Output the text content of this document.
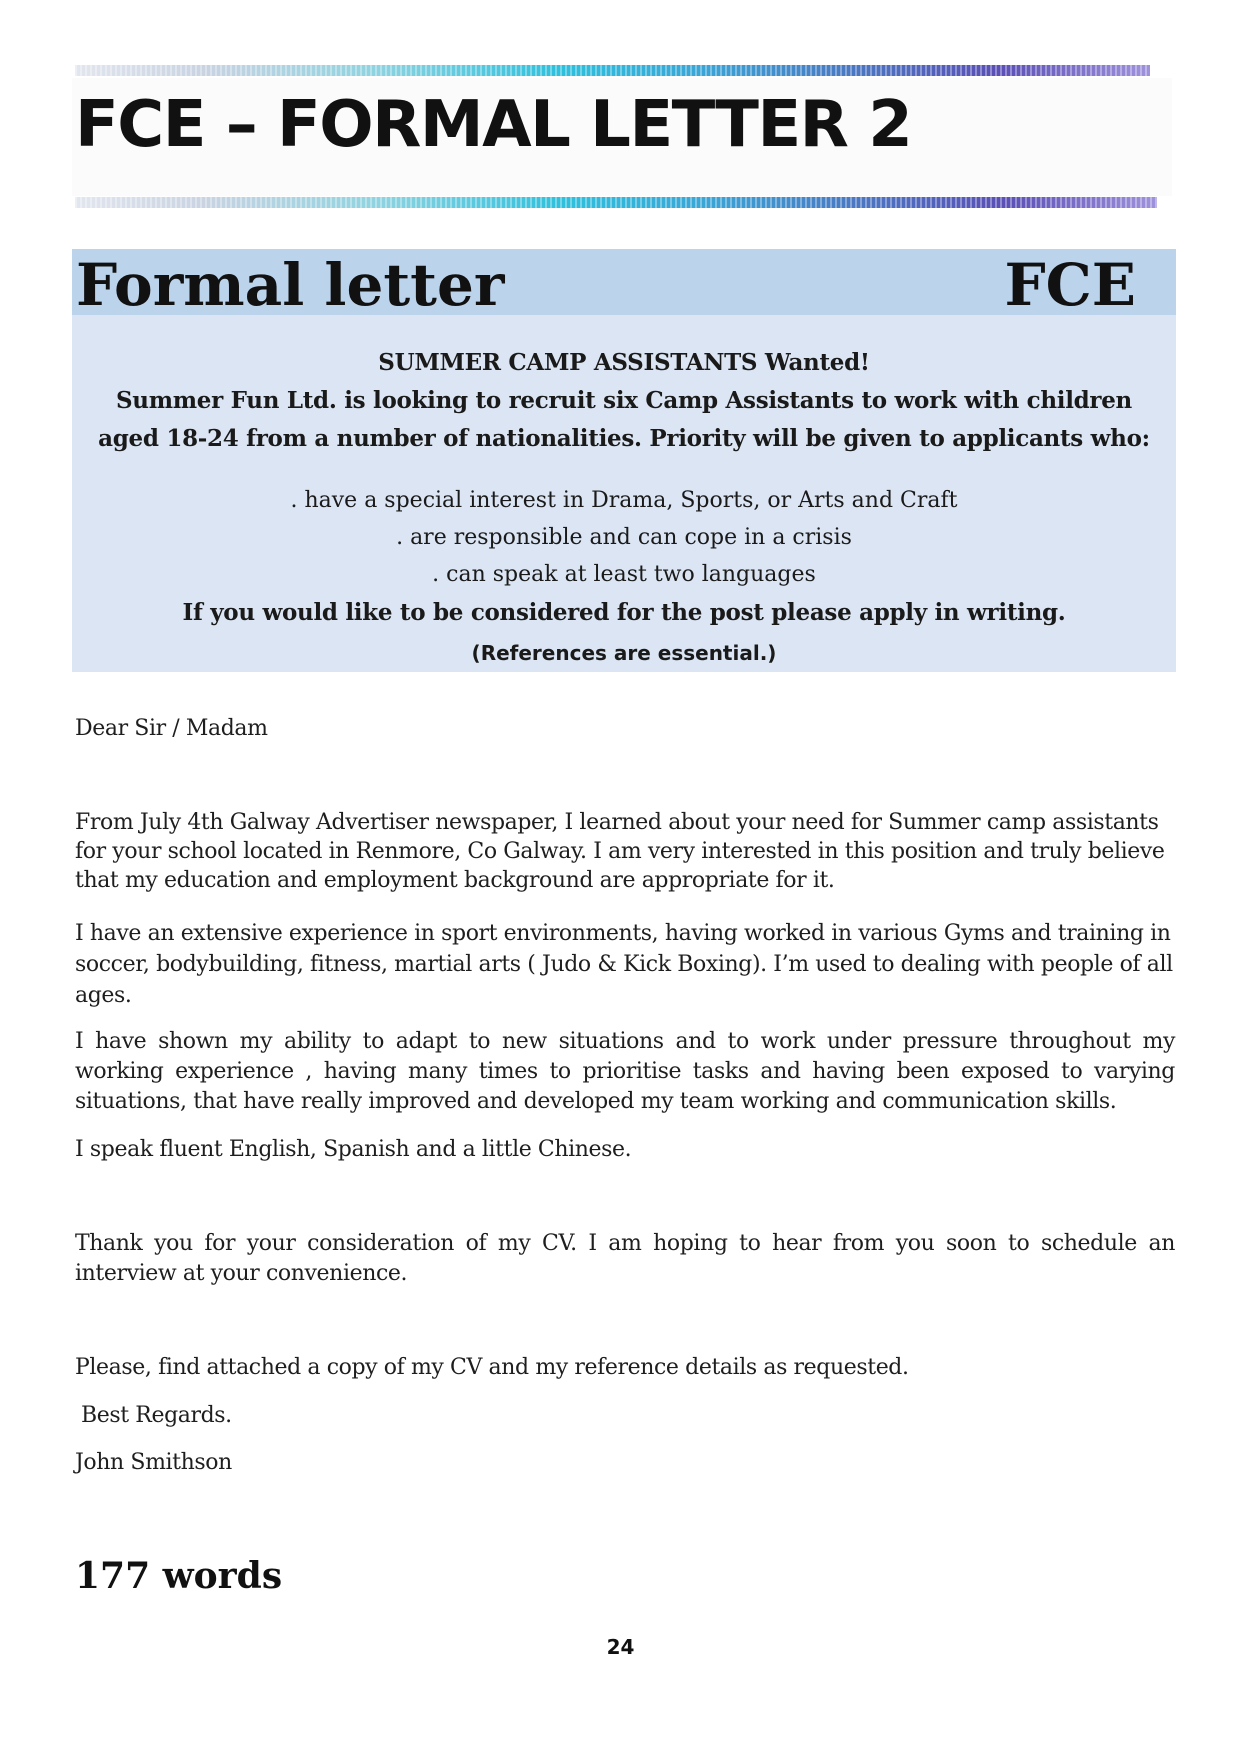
FCE – FORMAL LETTER 2
Formal letter	FCE
SUMMER CAMP ASSISTANTS Wanted!
Summer Fun Ltd. is looking to recruit six Camp Assistants to work with children
aged 18-24 from a number of nationalities. Priority will be given to applicants who:
. have a special interest in Drama, Sports, or Arts and Craft
. are responsible and can cope in a crisis
. can speak at least two languages
If you would like to be considered for the post please apply in writing.
(References are essential.)

Dear Sir / Madam

From July 4th Galway Advertiser newspaper, I learned about your need for Summer camp assistants for your school located in Renmore, Co Galway. I am very interested in this position and truly believe that my education and employment background are appropriate for it.

I have an extensive experience in sport environments, having worked in various Gyms and training in soccer, bodybuilding, fitness, martial arts ( Judo & Kick Boxing). I’m used to dealing with people of all ages.

I have shown my ability to adapt to new situations and to work under pressure throughout my working experience , having many times to prioritise tasks and having been exposed to varying situations, that have really improved and developed my team working and communication skills.

I speak fluent English, Spanish and a little Chinese.

Thank you for your consideration of my CV. I am hoping to hear from you soon to schedule an interview at your convenience.

Please, find attached a copy of my CV and my reference details as requested.

Best Regards.

John Smithson

177 words
24
